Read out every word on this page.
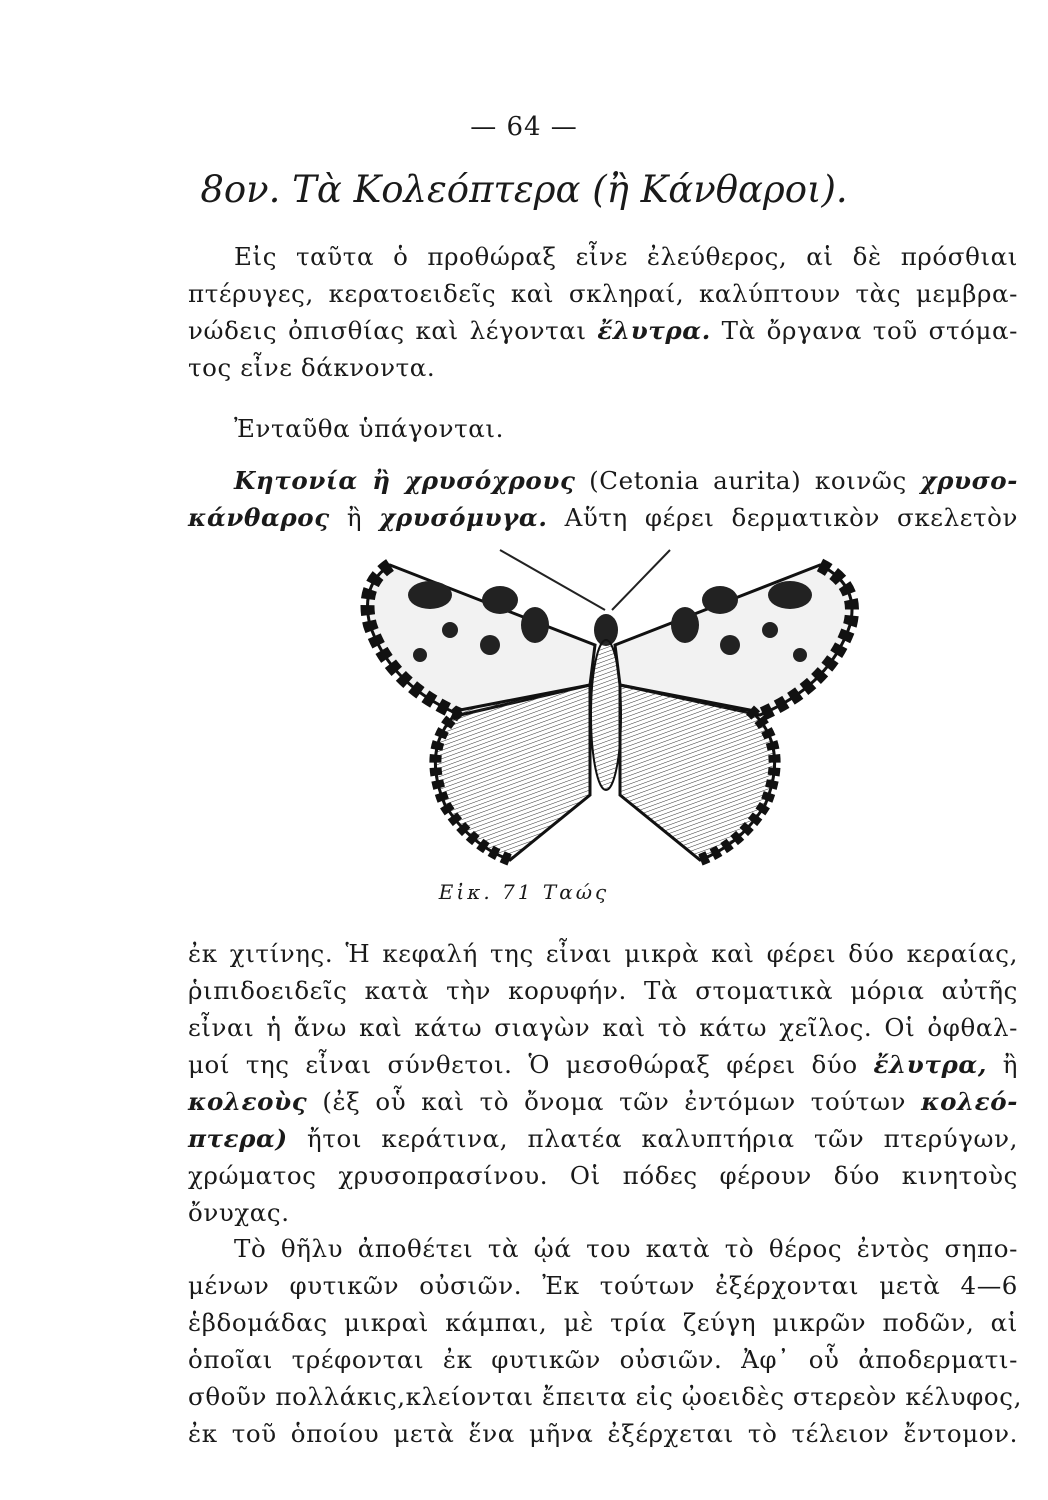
— 64 —
8ον. Τὰ Κολεόπτερα (ἢ Κάνθαροι).
Εἰς ταῦτα ὁ προθώραξ εἶνε ἐλεύθερος, αἱ δὲ πρόσθιαι
πτέρυγες, κερατοειδεῖς καὶ σκληραί, καλύπτουν τὰς μεμβρα-
νώδεις ὀπισθίας καὶ λέγονται ἔλυτρα. Τὰ ὄργανα τοῦ στόμα-
τος εἶνε δάκνοντα.
Ἐνταῦθα ὑπάγονται.
Κητονία ἢ χρυσόχρους (Cetonia aurita) κοινῶς χρυσο-
κάνθαρος ἢ χρυσόμυγα. Αὕτη φέρει δερματικὸν σκελετὸν
Εἰκ. 71 Ταώς
ἐκ χιτίνης. Ἡ κεφαλή της εἶναι μικρὰ καὶ φέρει δύο κεραίας,
ῥιπιδοειδεῖς κατὰ τὴν κορυφήν. Τὰ στοματικὰ μόρια αὐτῆς
εἶναι ἡ ἄνω καὶ κάτω σιαγὼν καὶ τὸ κάτω χεῖλος. Οἱ ὀφθαλ-
μοί της εἶναι σύνθετοι. Ὁ μεσοθώραξ φέρει δύο ἔλυτρα, ἢ
κολεοὺς (ἐξ οὗ καὶ τὸ ὄνομα τῶν ἐντόμων τούτων κολεό-
πτερα) ἤτοι κεράτινα, πλατέα καλυπτήρια τῶν πτερύγων,
χρώματος χρυσοπρασίνου. Οἱ πόδες φέρουν δύο κινητοὺς
ὄνυχας.
Τὸ θῆλυ ἀποθέτει τὰ ᾠά του κατὰ τὸ θέρος ἐντὸς σηπο-
μένων φυτικῶν οὐσιῶν. Ἐκ τούτων ἐξέρχονται μετὰ 4—6
ἑβδομάδας μικραὶ κάμπαι, μὲ τρία ζεύγη μικρῶν ποδῶν, αἱ
ὁποῖαι τρέφονται ἐκ φυτικῶν οὐσιῶν. Ἀφ᾽ οὗ ἀποδερματι-
σθοῦν πολλάκις,κλείονται ἔπειτα εἰς ᾠοειδὲς στερεὸν κέλυφος,
ἐκ τοῦ ὁποίου μετὰ ἕνα μῆνα ἐξέρχεται τὸ τέλειον ἔντομον.
